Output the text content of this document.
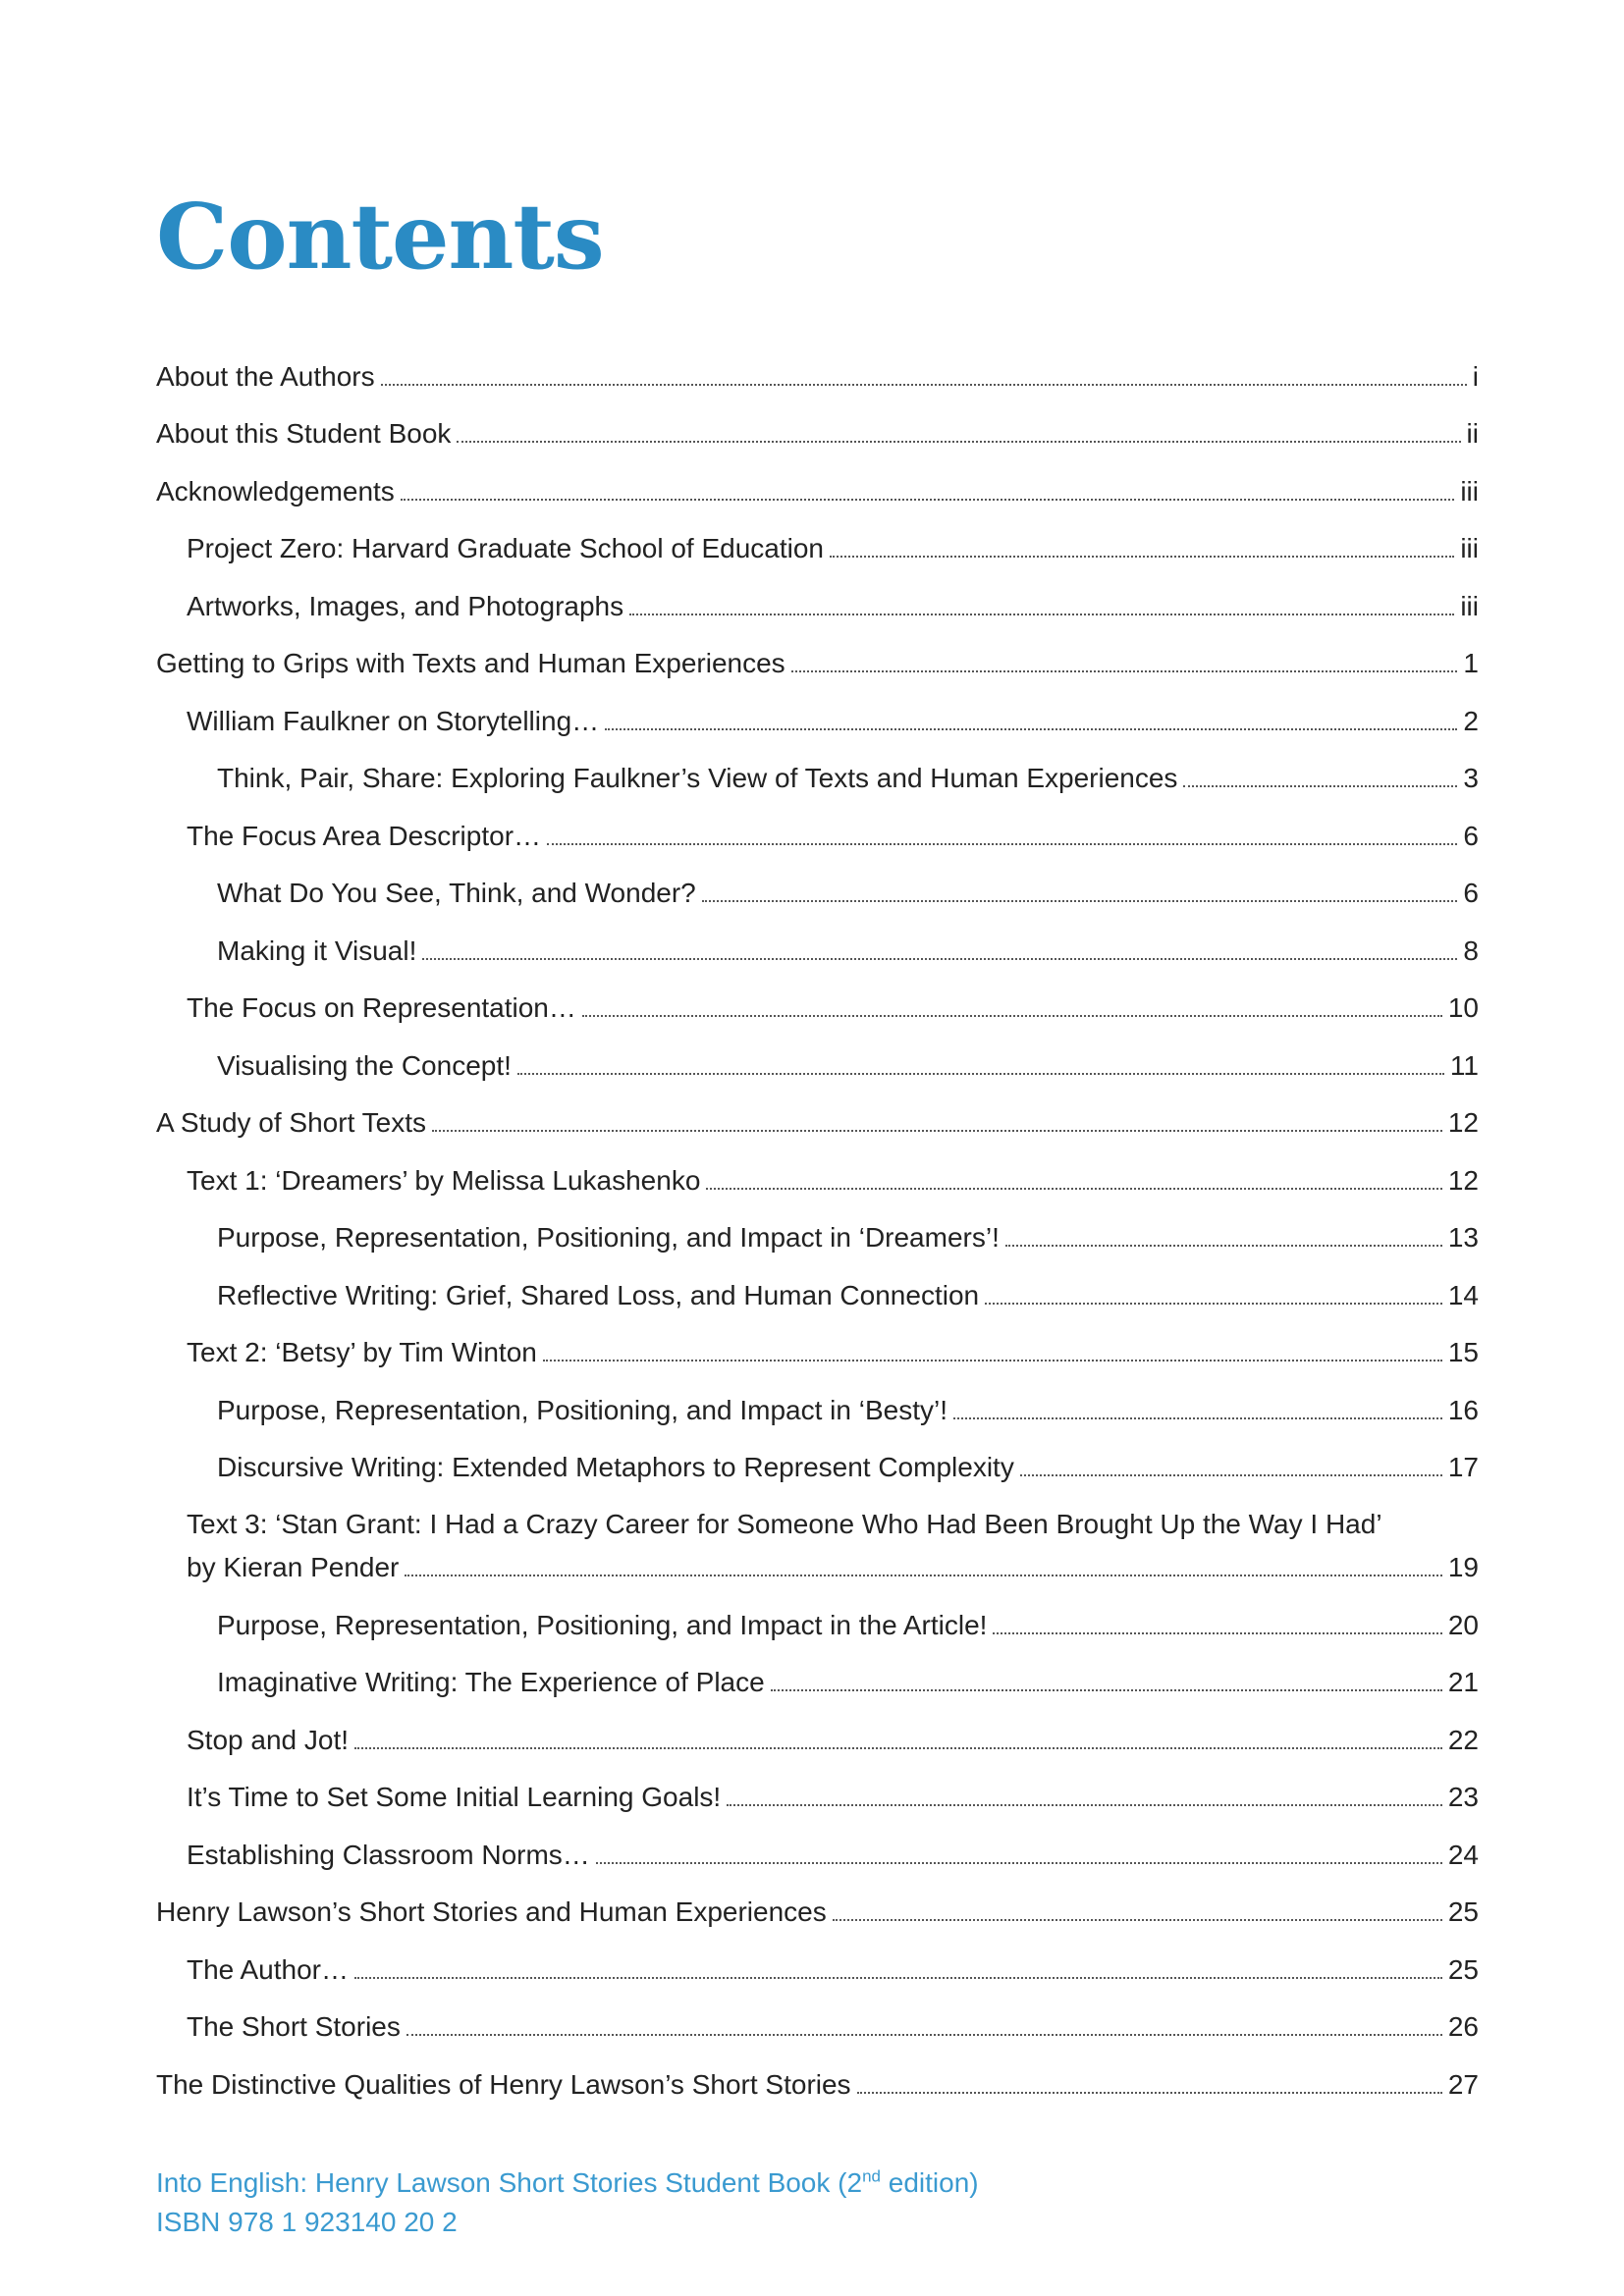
Contents
About the Authors	i
About this Student Book	ii
Acknowledgements	iii
Project Zero: Harvard Graduate School of Education	iii
Artworks, Images, and Photographs	iii
Getting to Grips with Texts and Human Experiences	1
William Faulkner on Storytelling…	2
Think, Pair, Share: Exploring Faulkner’s View of Texts and Human Experiences	3
The Focus Area Descriptor…	6
What Do You See, Think, and Wonder?	6
Making it Visual!	8
The Focus on Representation…	10
Visualising the Concept!	11
A Study of Short Texts	12
Text 1: ‘Dreamers’ by Melissa Lukashenko	12
Purpose, Representation, Positioning, and Impact in ‘Dreamers’!	13
Reflective Writing: Grief, Shared Loss, and Human Connection	14
Text 2: ‘Betsy’ by Tim Winton	15
Purpose, Representation, Positioning, and Impact in ‘Besty’!	16
Discursive Writing: Extended Metaphors to Represent Complexity	17
Text 3: ‘Stan Grant: I Had a Crazy Career for Someone Who Had Been Brought Up the Way I Had’
by Kieran Pender	19
Purpose, Representation, Positioning, and Impact in the Article!	20
Imaginative Writing: The Experience of Place	21
Stop and Jot!	22
It’s Time to Set Some Initial Learning Goals!	23
Establishing Classroom Norms…	24
Henry Lawson’s Short Stories and Human Experiences	25
The Author…	25
The Short Stories	26
The Distinctive Qualities of Henry Lawson’s Short Stories	27
Into English: Henry Lawson Short Stories Student Book (2nd edition)
ISBN 978 1 923140 20 2
